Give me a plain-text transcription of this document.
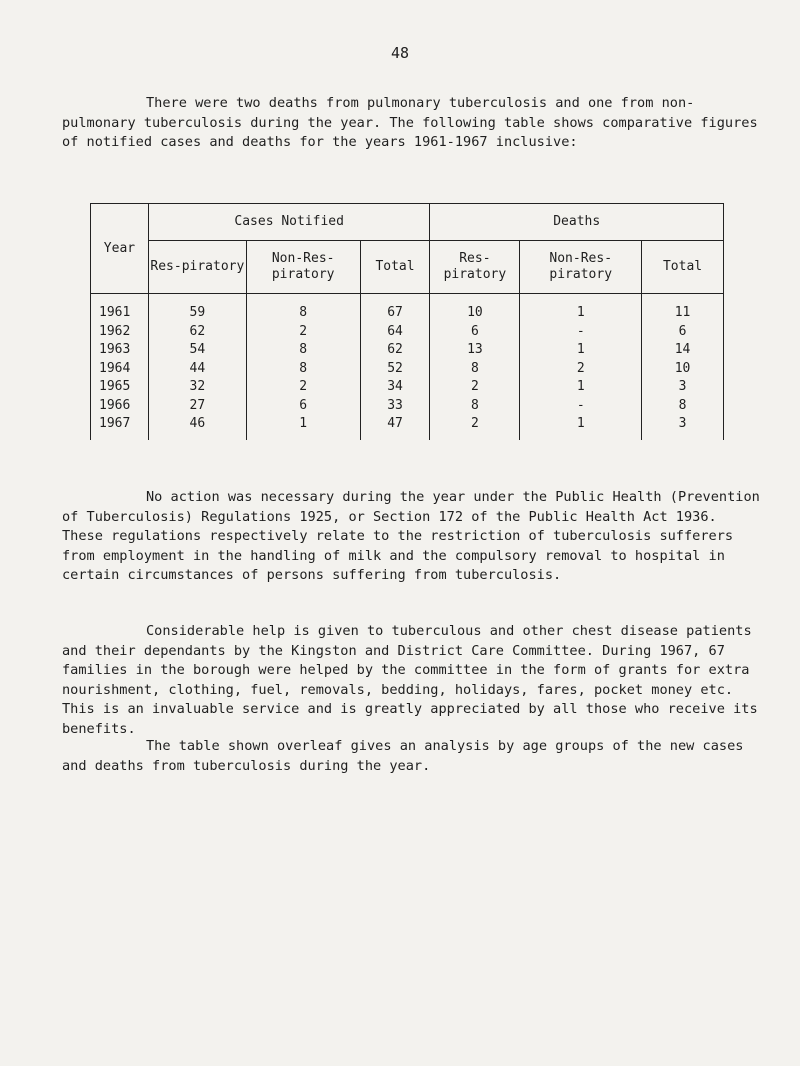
48

There were two deaths from pulmonary tuberculosis and one from non-pulmonary tuberculosis during the year. The following table shows comparative figures of notified cases and deaths for the years 1961-1967 inclusive:

Year	Cases Notified			Deaths		
	Res-piratory	Non-Res-piratory	Total	Res-piratory	Non-Res-piratory	Total
1961	59	8	67	10	1	11
1962	62	2	64	6	-	6
1963	54	8	62	13	1	14
1964	44	8	52	8	2	10
1965	32	2	34	2	1	3
1966	27	6	33	8	-	8
1967	46	1	47	2	1	3

No action was necessary during the year under the Public Health (Prevention of Tuberculosis) Regulations 1925, or Section 172 of the Public Health Act 1936. These regulations respectively relate to the restriction of tuberculosis sufferers from employment in the handling of milk and the compulsory removal to hospital in certain circumstances of persons suffering from tuberculosis.

Considerable help is given to tuberculous and other chest disease patients and their dependants by the Kingston and District Care Committee. During 1967, 67 families in the borough were helped by the committee in the form of grants for extra nourishment, clothing, fuel, removals, bedding, holidays, fares, pocket money etc. This is an invaluable service and is greatly appreciated by all those who receive its benefits.

The table shown overleaf gives an analysis by age groups of the new cases and deaths from tuberculosis during the year.
